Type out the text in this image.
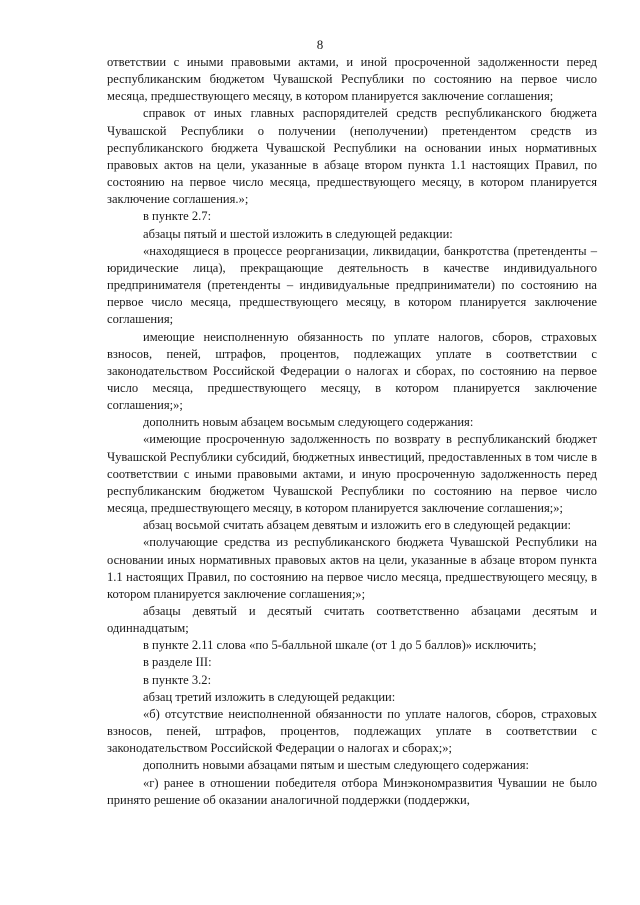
8

ответствии с иными правовыми актами, и иной просроченной задолженности перед республиканским бюджетом Чувашской Республики по состоянию на первое число месяца, предшествующего месяцу, в котором планируется заключение соглашения;

справок от иных главных распорядителей средств республиканского бюджета Чувашской Республики о получении (неполучении) претендентом средств из республиканского бюджета Чувашской Республики на основании иных нормативных правовых актов на цели, указанные в абзаце втором пункта 1.1 настоящих Правил, по состоянию на первое число месяца, предшествующего месяцу, в котором планируется заключение соглашения.»;

в пункте 2.7:

абзацы пятый и шестой изложить в следующей редакции:

«находящиеся в процессе реорганизации, ликвидации, банкротства (претенденты – юридические лица), прекращающие деятельность в качестве индивидуального предпринимателя (претенденты – индивидуальные предприниматели) по состоянию на первое число месяца, предшествующего месяцу, в котором планируется заключение соглашения;

имеющие неисполненную обязанность по уплате налогов, сборов, страховых взносов, пеней, штрафов, процентов, подлежащих уплате в соответствии с законодательством Российской Федерации о налогах и сборах, по состоянию на первое число месяца, предшествующего месяцу, в котором планируется заключение соглашения;»;

дополнить новым абзацем восьмым следующего содержания:

«имеющие просроченную задолженность по возврату в республиканский бюджет Чувашской Республики субсидий, бюджетных инвестиций, предоставленных в том числе в соответствии с иными правовыми актами, и иную просроченную задолженность перед республиканским бюджетом Чувашской Республики по состоянию на первое число месяца, предшествующего месяцу, в котором планируется заключение соглашения;»;

абзац восьмой считать абзацем девятым и изложить его в следующей редакции:

«получающие средства из республиканского бюджета Чувашской Республики на основании иных нормативных правовых актов на цели, указанные в абзаце втором пункта 1.1 настоящих Правил, по состоянию на первое число месяца, предшествующего месяцу, в котором планируется заключение соглашения;»;

абзацы девятый и десятый считать соответственно абзацами десятым и одиннадцатым;

в пункте 2.11 слова «по 5-балльной шкале (от 1 до 5 баллов)» исключить;

в разделе III:

в пункте 3.2:

абзац третий изложить в следующей редакции:

«б) отсутствие неисполненной обязанности по уплате налогов, сборов, страховых взносов, пеней, штрафов, процентов, подлежащих уплате в соответствии с законодательством Российской Федерации о налогах и сборах;»;

дополнить новыми абзацами пятым и шестым следующего содержания:

«г) ранее в отношении победителя отбора Минэкономразвития Чувашии не было принято решение об оказании аналогичной поддержки (поддержки,
